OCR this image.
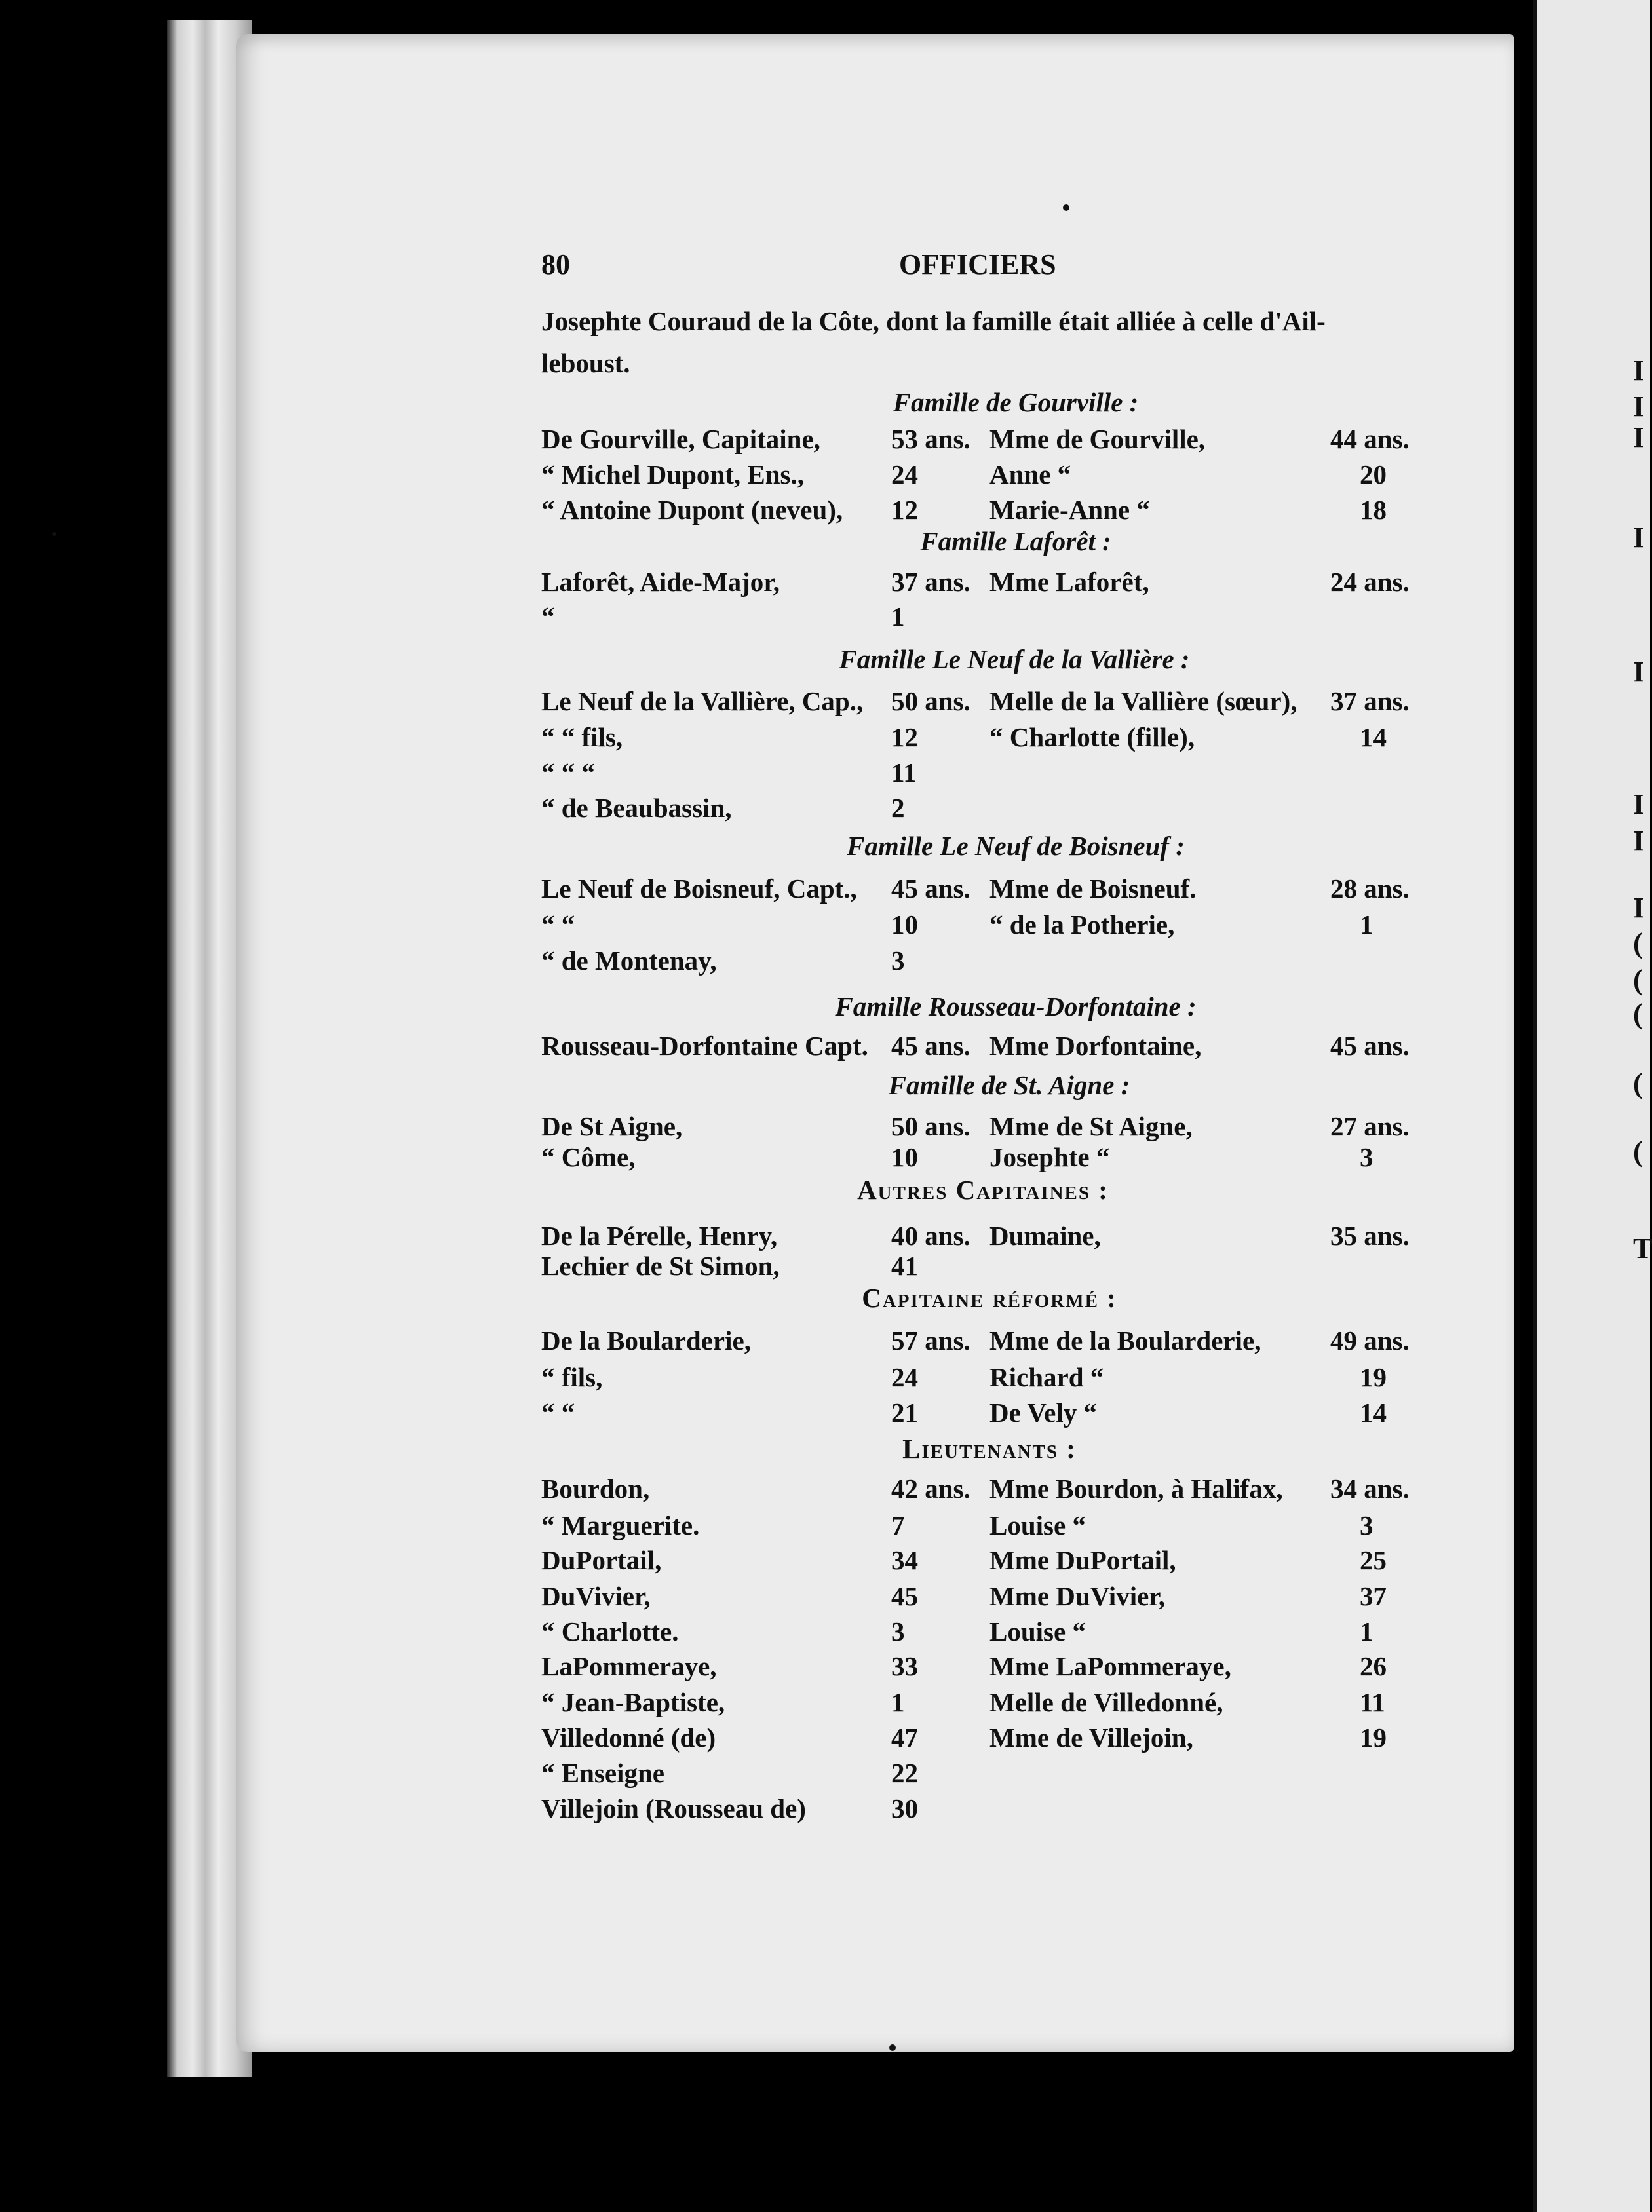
I
I
I
I
I
I
I
I
(
(
(
(
(
T
80	OFFICIERS
Josephte Couraud de la Côte, dont la famille était alliée à celle d'Ail-
leboust.
Famille de Gourville :
De Gourville, Capitaine,	53 ans. Mme de Gourville,	44 ans.
“ Michel Dupont, Ens.,	24	Anne “	20
“ Antoine Dupont (neveu), 12	Marie-Anne “	18
Famille Laforêt :
Laforêt, Aide-Major,	37 ans. Mme Laforêt,	24 ans.
“	1
Famille Le Neuf de la Vallière :
Le Neuf de la Vallière, Cap., 50 ans. Melle de la Vallière (sœur), 37 ans.
“ “ fils,	12	“ Charlotte (fille),	14
“ “ “	11
“ de Beaubassin,	2
Famille Le Neuf de Boisneuf :
Le Neuf de Boisneuf, Capt., 45 ans. Mme de Boisneuf.	28 ans.
“ “	10	“ de la Potherie,	1
“ de Montenay,	3
Famille Rousseau-Dorfontaine :
Rousseau-Dorfontaine Capt. 45 ans. Mme Dorfontaine,	45 ans.
Famille de St. Aigne :
De St Aigne,	50 ans. Mme de St Aigne,	27 ans.
“ Côme,	10	Josephte “	3
Autres Capitaines :
De la Pérelle, Henry,	40 ans. Dumaine,	35 ans.
Lechier de St Simon,	41
Capitaine réformé :
De la Boularderie,	57 ans. Mme de la Boularderie,	49 ans.
“ fils,	24	Richard “	19
“ “	21	De Vely “	14
Lieutenants :
Bourdon,	42 ans. Mme Bourdon, à Halifax, 34 ans.
“ Marguerite.	7	Louise “	3
DuPortail,	34	Mme DuPortail,	25
DuVivier,	45	Mme DuVivier,	37
“ Charlotte.	3	Louise “	1
LaPommeraye,	33	Mme LaPommeraye,	26
“ Jean-Baptiste,	1	Melle de Villedonné,	11
Villedonné (de)	47	Mme de Villejoin,	19
“ Enseigne	22
Villejoin (Rousseau de)	30
